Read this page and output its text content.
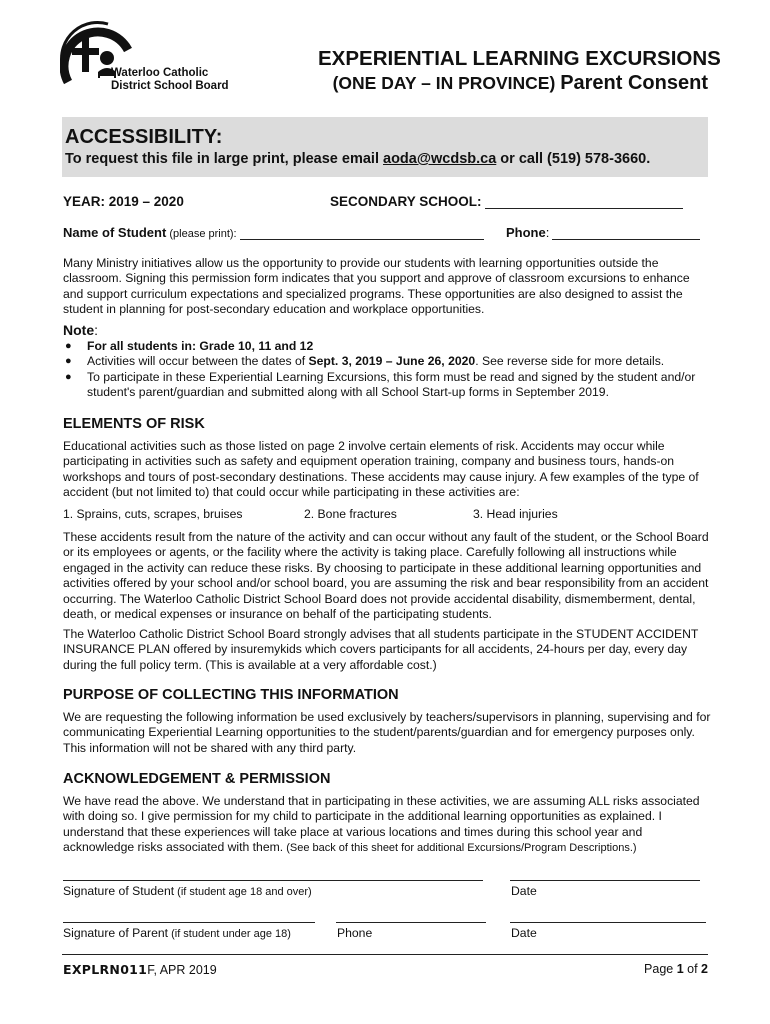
Waterloo Catholic
District School Board
EXPERIENTIAL LEARNING EXCURSIONS
(ONE DAY – IN PROVINCE) Parent Consent
ACCESSIBILITY:
To request this file in large print, please email aoda@wcdsb.ca or call (519) 578-3660.
YEAR: 2019 – 2020	SECONDARY SCHOOL:
Name of Student (please print):	Phone:

Many Ministry initiatives allow us the opportunity to provide our students with learning opportunities outside the classroom. Signing this permission form indicates that you support and approve of classroom excursions to enhance and support curriculum expectations and specialized programs. These opportunities are also designed to assist the student in planning for post-secondary education and workplace opportunities.

Note:
● For all students in: Grade 10, 11 and 12
● Activities will occur between the dates of Sept. 3, 2019 – June 26, 2020. See reverse side for more details.
● To participate in these Experiential Learning Excursions, this form must be read and signed by the student and/or student's parent/guardian and submitted along with all School Start-up forms in September 2019.
ELEMENTS OF RISK

Educational activities such as those listed on page 2 involve certain elements of risk. Accidents may occur while participating in activities such as safety and equipment operation training, company and business tours, hands-on workshops and tours of post-secondary destinations. These accidents may cause injury. A few examples of the type of accident (but not limited to) that could occur while participating in these activities are:

1. Sprains, cuts, scrapes, bruises	2. Bone fractures	3. Head injuries

These accidents result from the nature of the activity and can occur without any fault of the student, or the School Board or its employees or agents, or the facility where the activity is taking place. Carefully following all instructions while engaged in the activity can reduce these risks. By choosing to participate in these additional learning opportunities and activities offered by your school and/or school board, you are assuming the risk and bear responsibility from an accident occurring. The Waterloo Catholic District School Board does not provide accidental disability, dismemberment, dental, death, or medical expenses or insurance on behalf of the participating students.

The Waterloo Catholic District School Board strongly advises that all students participate in the STUDENT ACCIDENT INSURANCE PLAN offered by insuremykids which covers participants for all accidents, 24-hours per day, every day during the full policy term. (This is available at a very affordable cost.)

PURPOSE OF COLLECTING THIS INFORMATION

We are requesting the following information be used exclusively by teachers/supervisors in planning, supervising and for communicating Experiential Learning opportunities to the student/parents/guardian and for emergency purposes only. This information will not be shared with any third party.

ACKNOWLEDGEMENT & PERMISSION

We have read the above. We understand that in participating in these activities, we are assuming ALL risks associated with doing so. I give permission for my child to participate in the additional learning opportunities as explained. I understand that these experiences will take place at various locations and times during this school year and acknowledge risks associated with them. (See back of this sheet for additional Excursions/Program Descriptions.)

Signature of Student (if student age 18 and over)	Date
Signature of Parent (if student under age 18)	Phone	Date
EXPLRN011F, APR 2019	Page 1 of 2
